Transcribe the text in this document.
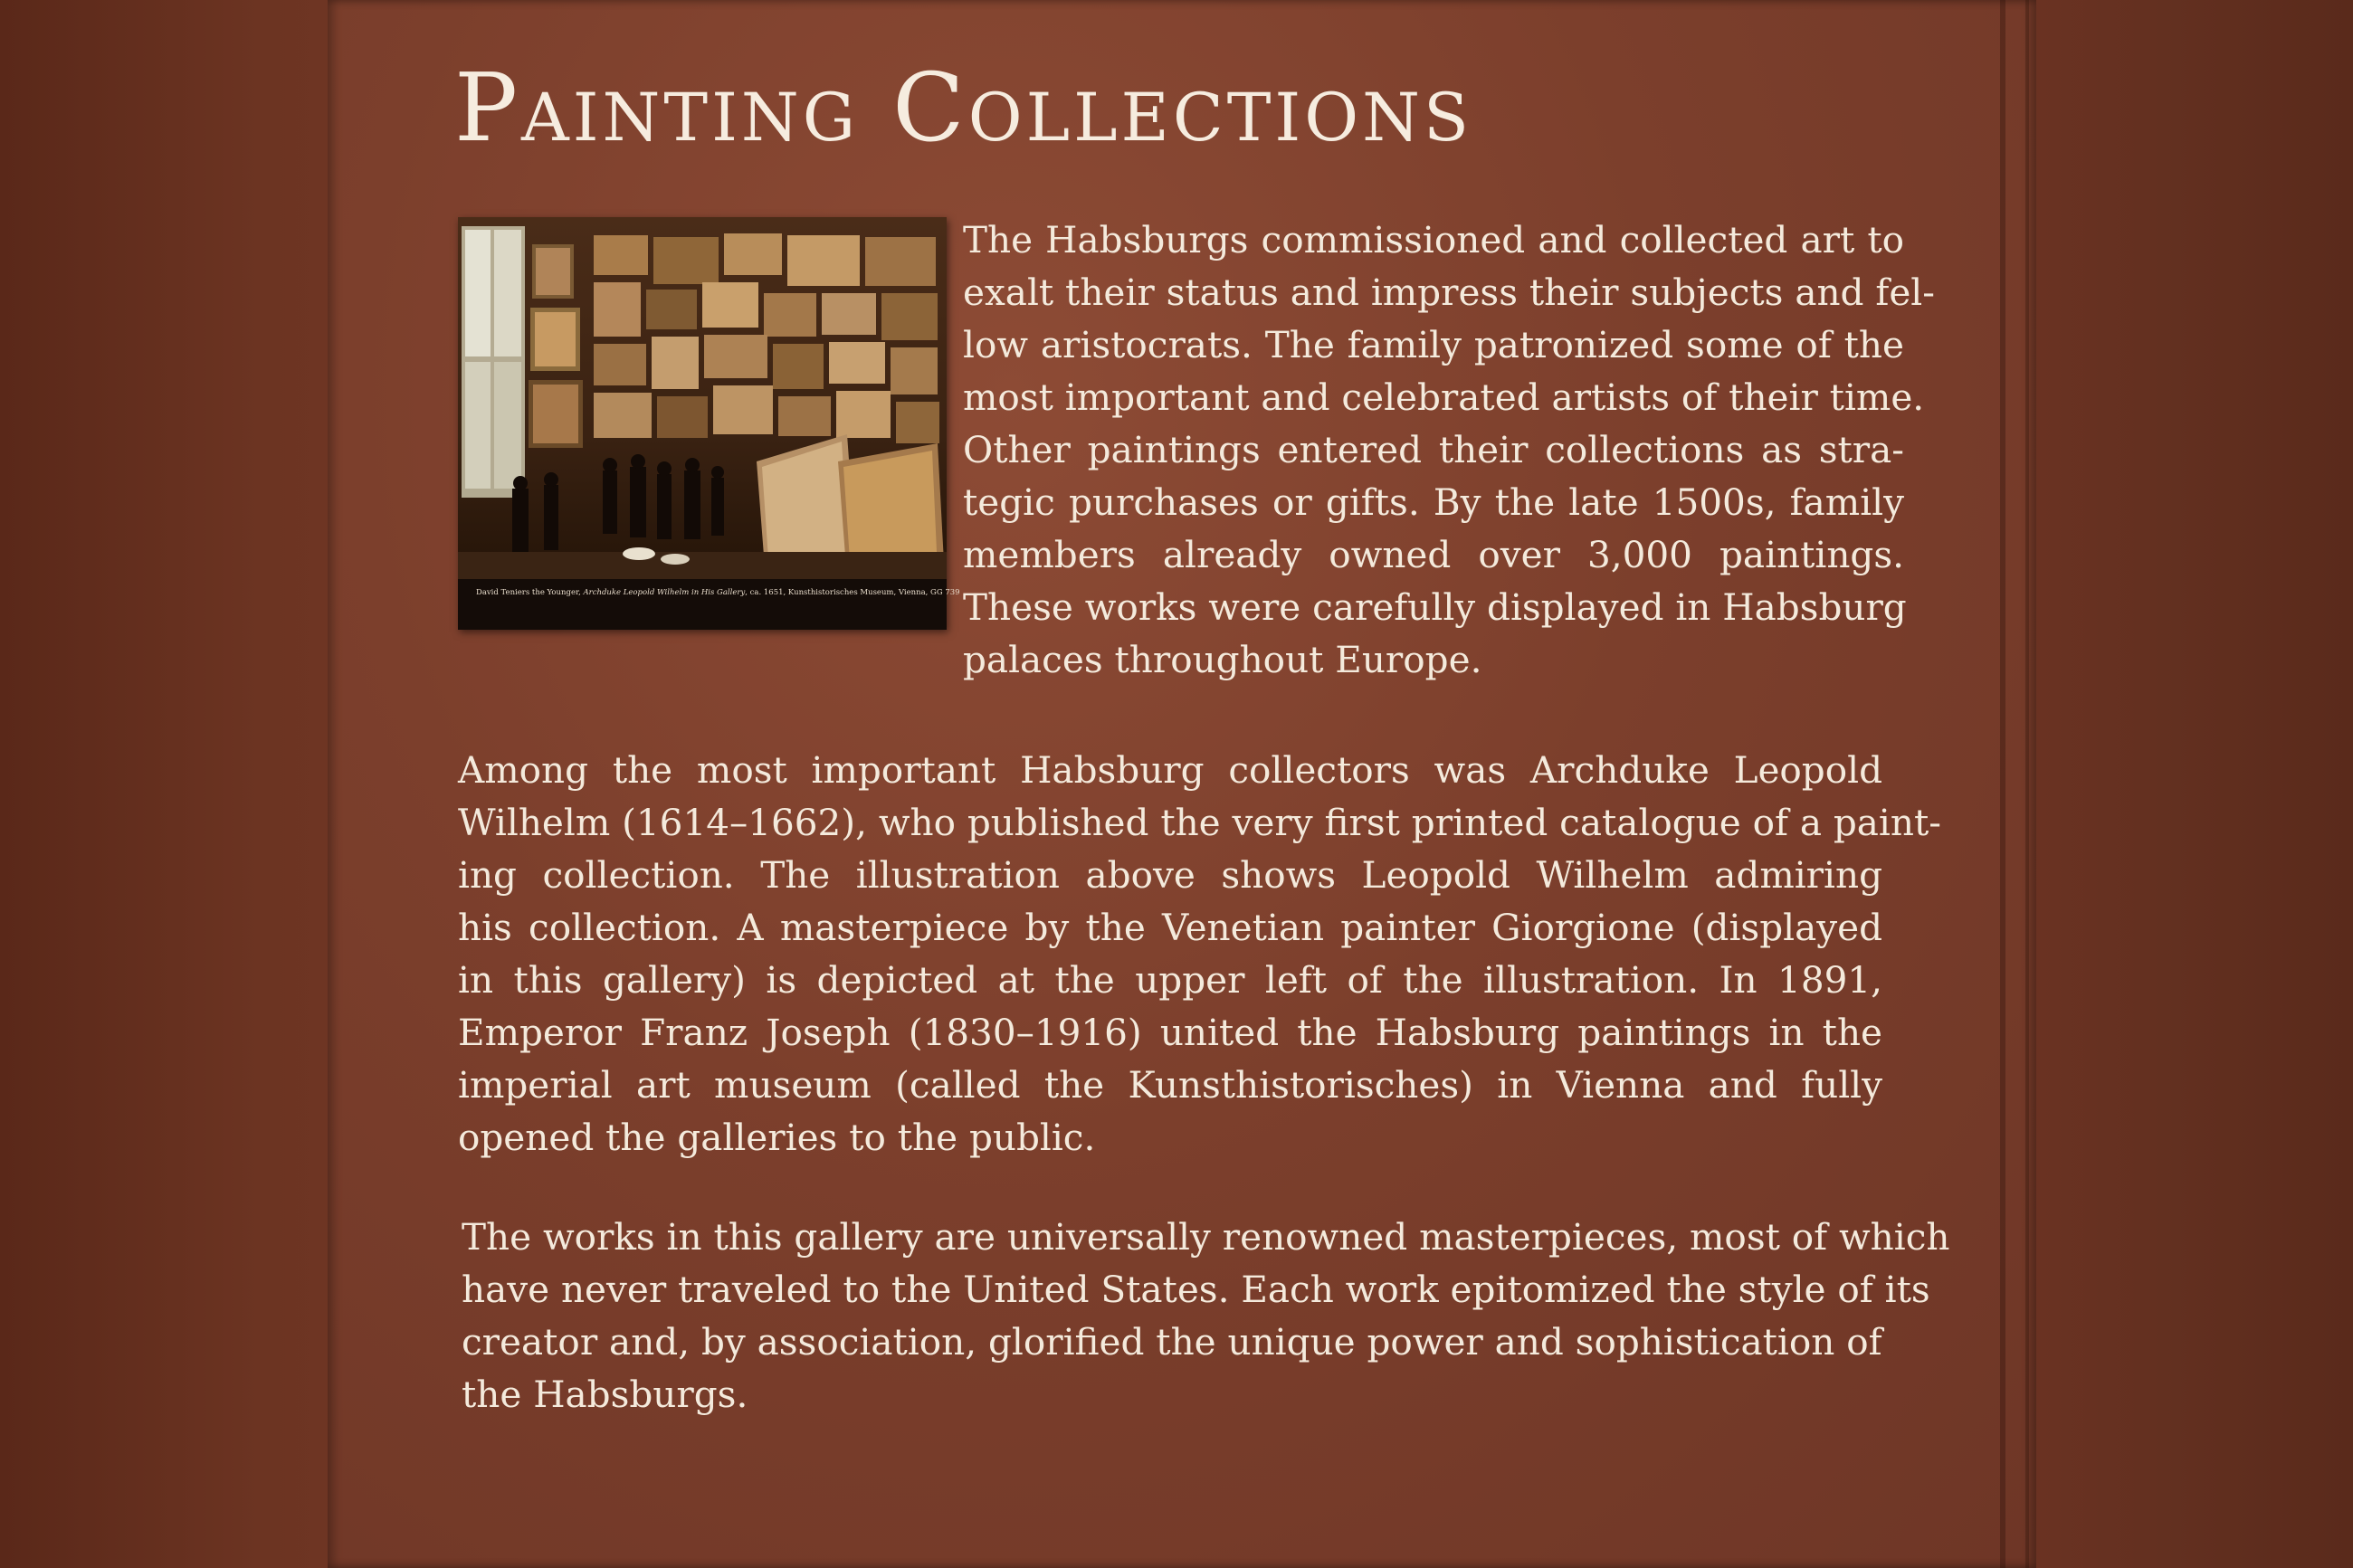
Painting Collections
David Teniers the Younger, Archduke Leopold Wilhelm in His Gallery, ca. 1651, Kunsthistorisches Museum, Vienna, GG 739

The Habsburgs commissioned and collected art to
exalt their status and impress their subjects and fel-
low aristocrats. The family patronized some of the
most important and celebrated artists of their time.
Other paintings entered their collections as stra-
tegic purchases or gifts. By the late 1500s, family
members already owned over 3,000 paintings.
These works were carefully displayed in Habsburg
palaces throughout Europe.

Among the most important Habsburg collectors was Archduke Leopold
Wilhelm (1614–1662), who published the very first printed catalogue of a paint-
ing collection. The illustration above shows Leopold Wilhelm admiring
his collection. A masterpiece by the Venetian painter Giorgione (displayed
in this gallery) is depicted at the upper left of the illustration. In 1891,
Emperor Franz Joseph (1830–1916) united the Habsburg paintings in the
imperial art museum (called the Kunsthistorisches) in Vienna and fully
opened the galleries to the public.

The works in this gallery are universally renowned masterpieces, most of which
have never traveled to the United States. Each work epitomized the style of its
creator and, by association, glorified the unique power and sophistication of
the Habsburgs.
